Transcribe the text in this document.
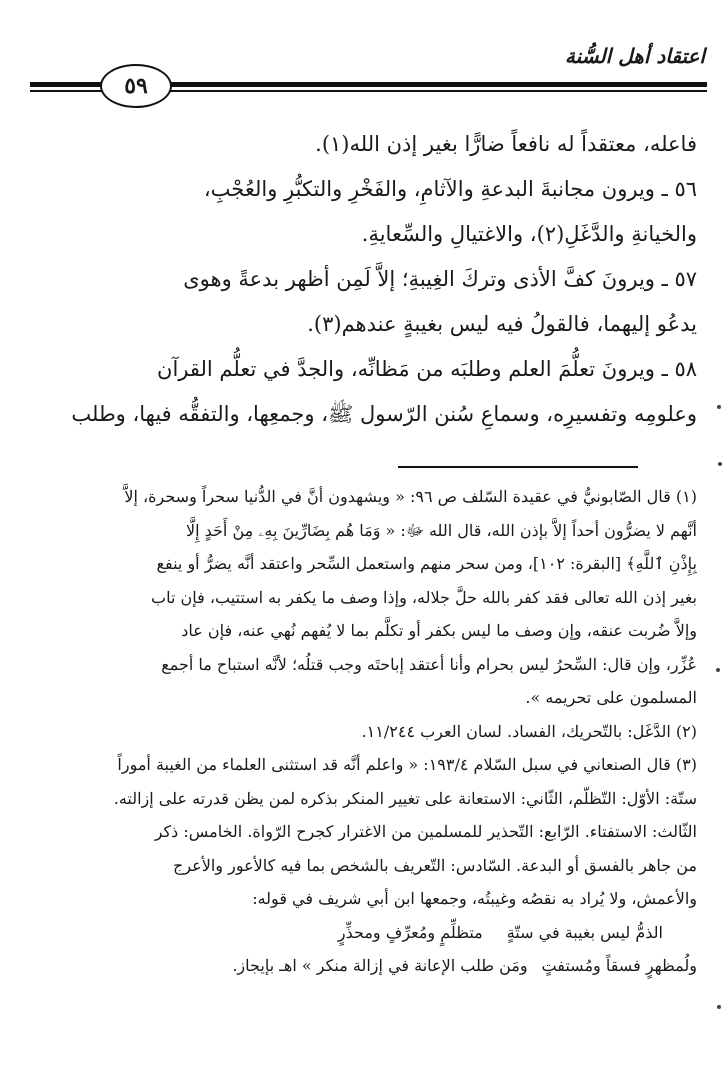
اعتقاد أهل السُّنة
٥٩
فاعله، معتقداً له نافعاً ضارًّا بغير إذن الله(١).
٥٦ ـ ويرون مجانبةَ البدعةِ والآثامِ، والفَخْرِ والتكبُّرِ والعُجْبِ،
والخيانةِ والدَّغَلِ(٢)، والاغتيالِ والسِّعايةِ.
٥٧ ـ ويرونَ كفَّ الأذى وتركَ الغِيبةِ؛ إلاَّ لَمِن أظهر بدعةً وهوى
يدعُو إليهما، فالقولُ فيه ليس بغيبةٍ عندهم(٣).
٥٨ ـ ويرونَ تعلُّمَ العلم وطلبَه من مَظانِّه، والجدَّ في تعلُّم القرآن
وعلومِه وتفسيرِه، وسماعِ سُنن الرّسول ﷺ، وجمعِها، والتفقُّه فيها، وطلب
(١) قال الصّابونيُّ في عقيدة السّلف ص ٩٦: « ويشهدون أنَّ في الدُّنيا سحراً وسحرة، إلاَّ
أنَّهم لا يضرُّون أحداً إلاَّ بإذن الله، قال الله ﷻ: « وَمَا هُم بِضَارِّينَ بِهِۦ مِنْ أَحَدٍ إِلَّا
بِإِذْنِ ٱللَّهِ﴾ [البقرة: ١٠٢]، ومن سحر منهم واستعمل السِّحر واعتقد أنَّه يضرُّ أو ينفع
بغير إذن الله تعالى فقد كفر بالله حلَّ جلاله، وإذا وصف ما يكفر به استتيب، فإن تاب
وإلاَّ ضُربت عنقه، وإن وصف ما ليس بكفر أو تكلَّم بما لا يُفهم نُهي عنه، فإن عاد
عُزِّر، وإن قال: السِّحرُ ليس بحرام وأنا أعتقد إباحتَه وجب قتلُه؛ لأنَّه استباح ما أجمع
المسلمون على تحريمه ».
(٢) الدَّغَل: بالتّحريك، الفساد. لسان العرب ١١/٢٤٤.
(٣) قال الصنعاني في سبل السّلام ١٩٣/٤: « واعلم أنَّه قد استثنى العلماء من الغيبة أموراً
ستّة: الأوّل: التّظلّم، الثّاني: الاستعانة على تغيير المنكر بذكره لمن يظن قدرته على إزالته.
الثّالث: الاستفتاء. الرّابع: التّحذير للمسلمين من الاغترار كجرح الرّواة. الخامس: ذكر
من جاهر بالفسق أو البدعة. السّادس: التّعريف بالشخص بما فيه كالأعور والأعرج
والأعمش، ولا يُراد به نقصُه وغيبتُه، وجمعها ابن أبي شريف في قوله:
الذمُّ ليس بغيبة في ستّةٍمتظلِّمٍ ومُعرِّفٍ ومحذِّرٍ
ولُمظهرٍ فسقاً ومُستفتٍومَن طلب الإعانة في إزالة منكر » اهـ بإيجاز.
